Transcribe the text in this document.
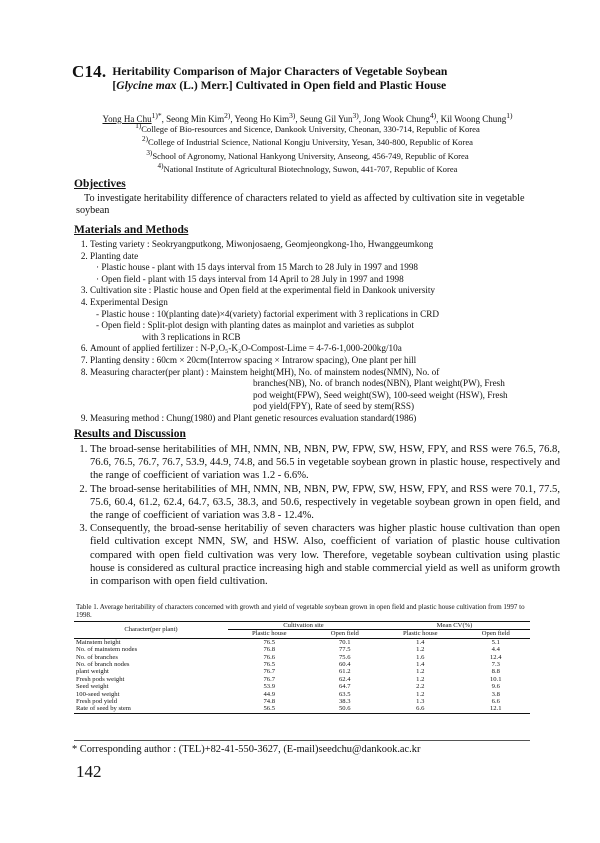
C14. Heritability Comparison of Major Characters of Vegetable Soybean
[Glycine max (L.) Merr.] Cultivated in Open field and Plastic House
Yong Ha Chu$^{1)*}$, Seong Min Kim$^{2)}$, Yeong Ho Kim$^{3)}$, Seung Gil Yun$^{3)}$, Jong Wook Chung$^{4)}$, Kil Woong Chung$^{1)}$
$^{1)}$College of Bio-resources and Sicence, Dankook University, Cheonan, 330-714, Republic of Korea
$^{2)}$College of Industrial Science, National Kongju University, Yesan, 340-800, Republic of Korea
$^{3)}$School of Agronomy, National Hankyong University, Anseong, 456-749, Republic of Korea
$^{4)}$National Institute of Agricultural Biotechnology, Suwon, 441-707, Republic of Korea
Objectives
To investigate heritability difference of characters related to yield as affected by cultivation site in vegetable soybean
Materials and Methods
1. Testing variety : Seokryangputkong, Miwonjosaeng, Geomjeongkong-1ho, Hwanggeumkong
2. Planting date
· Plastic house - plant with 15 days interval from 15 March to 28 July in 1997 and 1998
· Open field - plant with 15 days interval from 14 April to 28 July in 1997 and 1998
3. Cultivation site : Plastic house and Open field at the experimental field in Dankook university
4. Experimental Design
- Plastic house : 10(planting date)×4(variety) factorial experiment with 3 replications in CRD
- Open field : Split-plot design with planting dates as mainplot and varieties as subplot
with 3 replications in RCB
6. Amount of applied fertilizer : N-P₂O₅-K₂O-Compost-Lime = 4-7-6-1,000-200kg/10a
7. Planting density : 60cm × 20cm(Interrow spacing × Intrarow spacing), One plant per hill
8. Measuring character(per plant) : Mainstem height(MH), No. of mainstem nodes(NMN), No. of
branches(NB), No. of branch nodes(NBN), Plant weight(PW), Fresh
pod weight(FPW), Seed weight(SW), 100-seed weight (HSW), Fresh
pod yield(FPY), Rate of seed by stem(RSS)
9. Measuring method : Chung(1980) and Plant genetic resources evaluation standard(1986)
Results and Discussion
1. The broad-sense heritabilities of MH, NMN, NB, NBN, PW, FPW, SW, HSW, FPY, and RSS were 76.5, 76.8, 76.6, 76.5, 76.7, 76.7, 53.9, 44.9, 74.8, and 56.5 in vegetable soybean grown in plastic house, respectively and the range of coefficient of variation was 1.2 - 6.6%.
2. The broad-sense heritabilities of MH, NMN, NB, NBN, PW, FPW, SW, HSW, FPY, and RSS were 70.1, 77.5, 75.6, 60.4, 61.2, 62.4, 64.7, 63.5, 38.3, and 50.6, respectively in vegetable soybean grown in open field, and the range of coefficient of variation was 3.8 - 12.4%.
3. Consequently, the broad-sense heritabiliy of seven characters was higher plastic house cultivation than open field cultivation except NMN, SW, and HSW. Also, coefficient of variation of plastic house cultivation compared with open field cultivation was very low. Therefore, vegetable soybean cultivation using plastic house is considered as cultural practice increasing high and stable commercial yield as well as uniform growth in comparison with open field cultivation.
Table 1. Average heritability of characters concerned with growth and yield of vegetable soybean grown in open field and plastic house cultivation from 1997 to 1998.
Character(per plant)	Cultivation site		Mean CV(%)	
	Plastic house	Open field	Plastic house	Open field
Mainstem height	76.5	70.1	1.4	5.1
No. of mainstem nodes	76.8	77.5	1.2	4.4
No. of branches	76.6	75.6	1.6	12.4
No. of branch nodes	76.5	60.4	1.4	7.3
plant weight	76.7	61.2	1.2	8.8
Fresh pods weight	76.7	62.4	1.2	10.1
Seed weight	53.9	64.7	2.2	9.6
100-seed weight	44.9	63.5	1.2	3.8
Fresh pod yield	74.8	38.3	1.3	6.6
Rate of seed by stem	56.5	50.6	6.6	12.1
* Corresponding author : (TEL)+82-41-550-3627, (E-mail)seedchu@dankook.ac.kr
142
